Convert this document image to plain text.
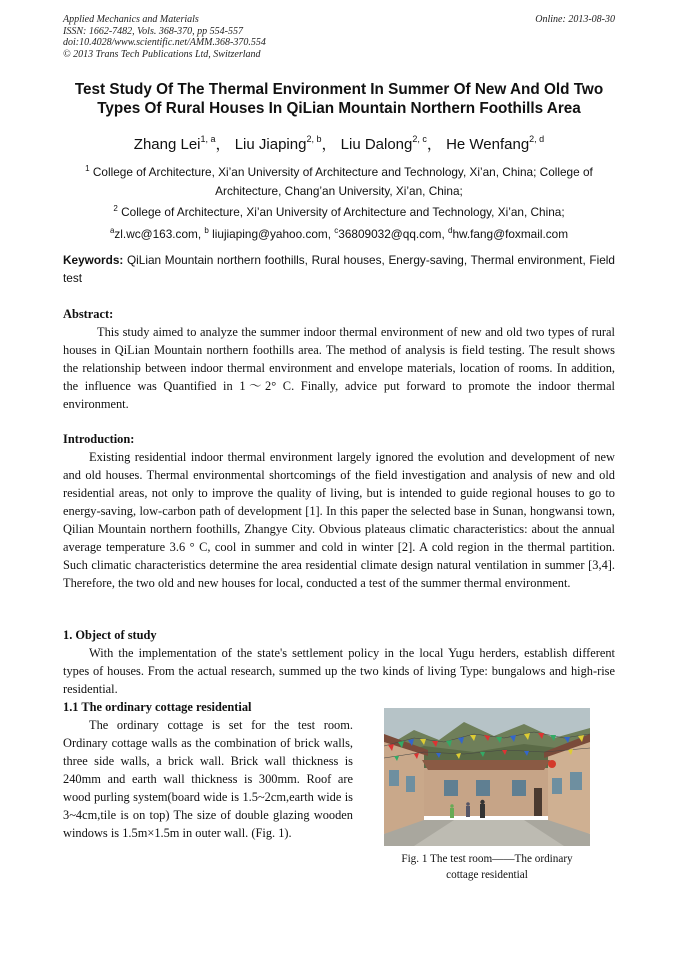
Applied Mechanics and Materials
ISSN: 1662-7482, Vols. 368-370, pp 554-557
doi:10.4028/www.scientific.net/AMM.368-370.554
© 2013 Trans Tech Publications Ltd, Switzerland
Online: 2013-08-30
Test Study Of The Thermal Environment In Summer Of New And Old Two
Types Of Rural Houses In QiLian Mountain Northern Foothills Area
Zhang Lei$^{1, a}$， Liu Jiaping$^{2, b}$， Liu Dalong$^{2, c}$， He Wenfang$^{2, d}$
$^1$ College of Architecture, Xi’an University of Architecture and Technology, Xi’an, China; College of Architecture, Chang’an University, Xi’an, China;
$^2$ College of Architecture, Xi’an University of Architecture and Technology, Xi’an, China;
$^a$zl.wc@163.com, $^b$ liujiaping@yahoo.com, $^c$36809032@qq.com, $^d$hw.fang@foxmail.com
Keywords: QiLian Mountain northern foothills, Rural houses, Energy-saving, Thermal environment, Field test
Abstract:

This study aimed to analyze the summer indoor thermal environment of new and old two types of rural houses in QiLian Mountain northern foothills area. The method of analysis is field testing. The result shows the relationship between indoor thermal environment and envelope materials, location of rooms. In addition, the influence was Quantified in 1～2° C. Finally, advice put forward to promote the indoor thermal environment.

Introduction:

Existing residential indoor thermal environment largely ignored the evolution and development of new and old houses. Thermal environmental shortcomings of the field investigation and analysis of new and old residential areas, not only to improve the quality of living, but is intended to guide regional houses to go to energy-saving, low-carbon path of development [1]. In this paper the selected base in Sunan, hongwansi town, Qilian Mountain northern foothills, Zhangye City. Obvious plateaus climatic characteristics: about the annual average temperature 3.6 ° C, cool in summer and cold in winter [2]. A cold region in the thermal partition. Such climatic characteristics determine the area residential climate design natural ventilation in summer [3,4]. Therefore, the two old and new houses for local, conducted a test of the summer thermal environment.

1. Object of study

With the implementation of the state's settlement policy in the local Yugu herders, establish different types of houses. From the actual research, summed up the two kinds of living Type: bungalows and high-rise residential.

1.1 The ordinary cottage residential

The ordinary cottage is set for the test room. Ordinary cottage walls as the combination of brick walls, three side walls, a brick wall. Brick wall thickness is 240mm and earth wall thickness is 300mm. Roof are wood purling system(board wide is 1.5~2cm,earth wide is 3~4cm,tile is on top) The size of double glazing wooden windows is 1.5m×1.5m in outer wall. (Fig. 1).

Fig. 1 The test room——The ordinary
cottage residential
